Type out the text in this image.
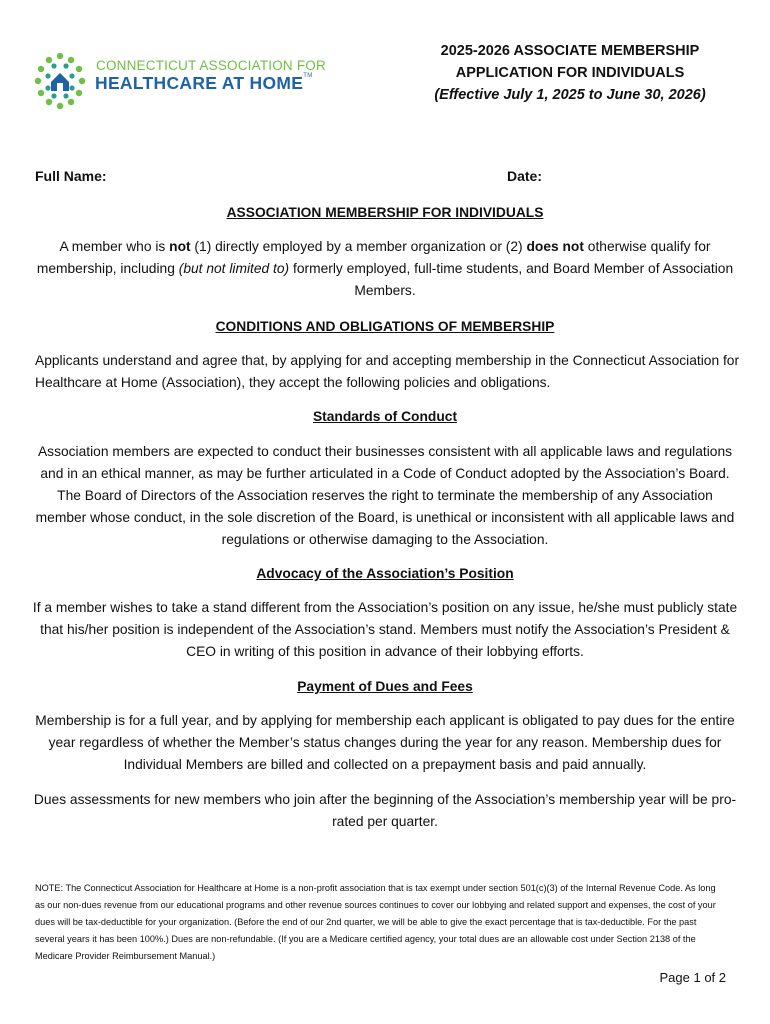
CONNECTICUT ASSOCIATION FOR
HEALTHCARE AT HOME™
2025-2026 ASSOCIATE MEMBERSHIP
APPLICATION FOR INDIVIDUALS
(Effective July 1, 2025 to June 30, 2026)
Full Name:	Date:
ASSOCIATION MEMBERSHIP FOR INDIVIDUALS
A member who is not (1) directly employed by a member organization or (2) does not otherwise qualify for membership, including (but not limited to) formerly employed, full-time students, and Board Member of Association Members.
CONDITIONS AND OBLIGATIONS OF MEMBERSHIP
Applicants understand and agree that, by applying for and accepting membership in the Connecticut Association for Healthcare at Home (Association), they accept the following policies and obligations.
Standards of Conduct
Association members are expected to conduct their businesses consistent with all applicable laws and regulations and in an ethical manner, as may be further articulated in a Code of Conduct adopted by the Association’s Board. The Board of Directors of the Association reserves the right to terminate the membership of any Association member whose conduct, in the sole discretion of the Board, is unethical or inconsistent with all applicable laws and regulations or otherwise damaging to the Association.
Advocacy of the Association’s Position
If a member wishes to take a stand different from the Association’s position on any issue, he/she must publicly state that his/her position is independent of the Association’s stand. Members must notify the Association’s President & CEO in writing of this position in advance of their lobbying efforts.
Payment of Dues and Fees
Membership is for a full year, and by applying for membership each applicant is obligated to pay dues for the entire year regardless of whether the Member’s status changes during the year for any reason. Membership dues for Individual Members are billed and collected on a prepayment basis and paid annually.
Dues assessments for new members who join after the beginning of the Association’s membership year will be pro-rated per quarter.
NOTE: The Connecticut Association for Healthcare at Home is a non-profit association that is tax exempt under section 501(c)(3) of the Internal Revenue Code. As long as our non-dues revenue from our educational programs and other revenue sources continues to cover our lobbying and related support and expenses, the cost of your dues will be tax-deductible for your organization. (Before the end of our 2nd quarter, we will be able to give the exact percentage that is tax-deductible. For the past several years it has been 100%.) Dues are non-refundable. (If you are a Medicare certified agency, your total dues are an allowable cost under Section 2138 of the Medicare Provider Reimbursement Manual.)
Page 1 of 2
